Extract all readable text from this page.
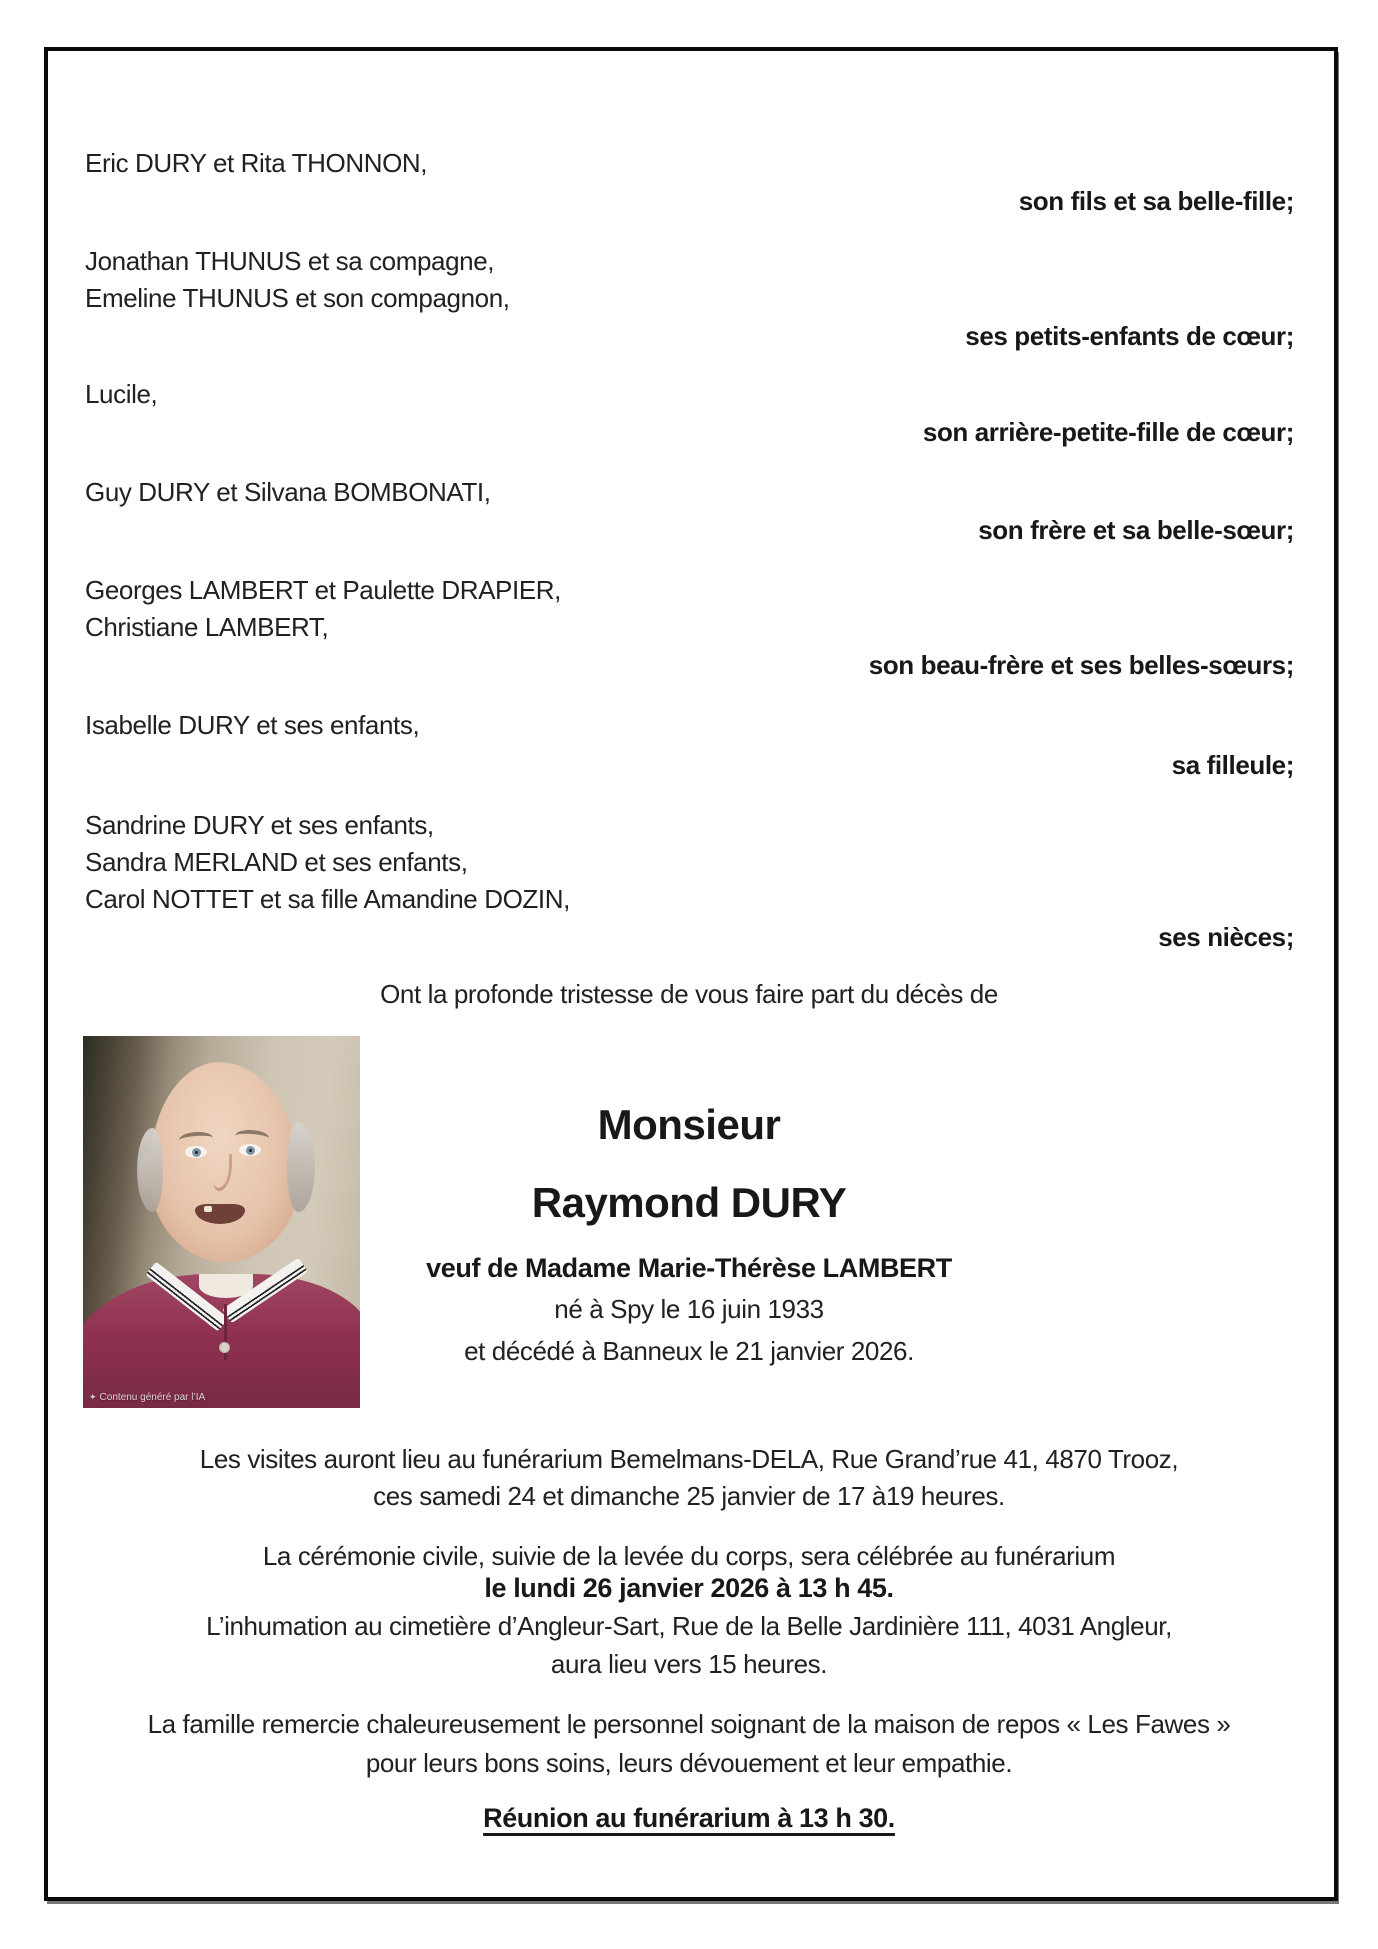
Eric DURY et Rita THONNON,
son fils et sa belle-fille;
Jonathan THUNUS et sa compagne,
Emeline THUNUS et son compagnon,
ses petits-enfants de cœur;
Lucile,
son arrière-petite-fille de cœur;
Guy DURY et Silvana BOMBONATI,
son frère et sa belle-sœur;
Georges LAMBERT et Paulette DRAPIER,
Christiane LAMBERT,
son beau-frère et ses belles-sœurs;
Isabelle DURY et ses enfants,
sa filleule;
Sandrine DURY et ses enfants,
Sandra MERLAND et ses enfants,
Carol NOTTET et sa fille Amandine DOZIN,
ses nièces;
Ont la profonde tristesse de vous faire part du décès de
Monsieur
Raymond DURY
veuf de Madame Marie-Thérèse LAMBERT
né à Spy le 16 juin 1933
et décédé à Banneux le 21 janvier 2026.
✦ Contenu généré par l’IA
Les visites auront lieu au funérarium Bemelmans-DELA, Rue Grand’rue 41, 4870 Trooz,
ces samedi 24 et dimanche 25 janvier de 17 à19 heures.
La cérémonie civile, suivie de la levée du corps, sera célébrée au funérarium
le lundi 26 janvier 2026 à 13 h 45.
L’inhumation au cimetière d’Angleur-Sart, Rue de la Belle Jardinière 111, 4031 Angleur,
aura lieu vers 15 heures.
La famille remercie chaleureusement le personnel soignant de la maison de repos « Les Fawes »
pour leurs bons soins, leurs dévouement et leur empathie.
Réunion au funérarium à 13 h 30.
